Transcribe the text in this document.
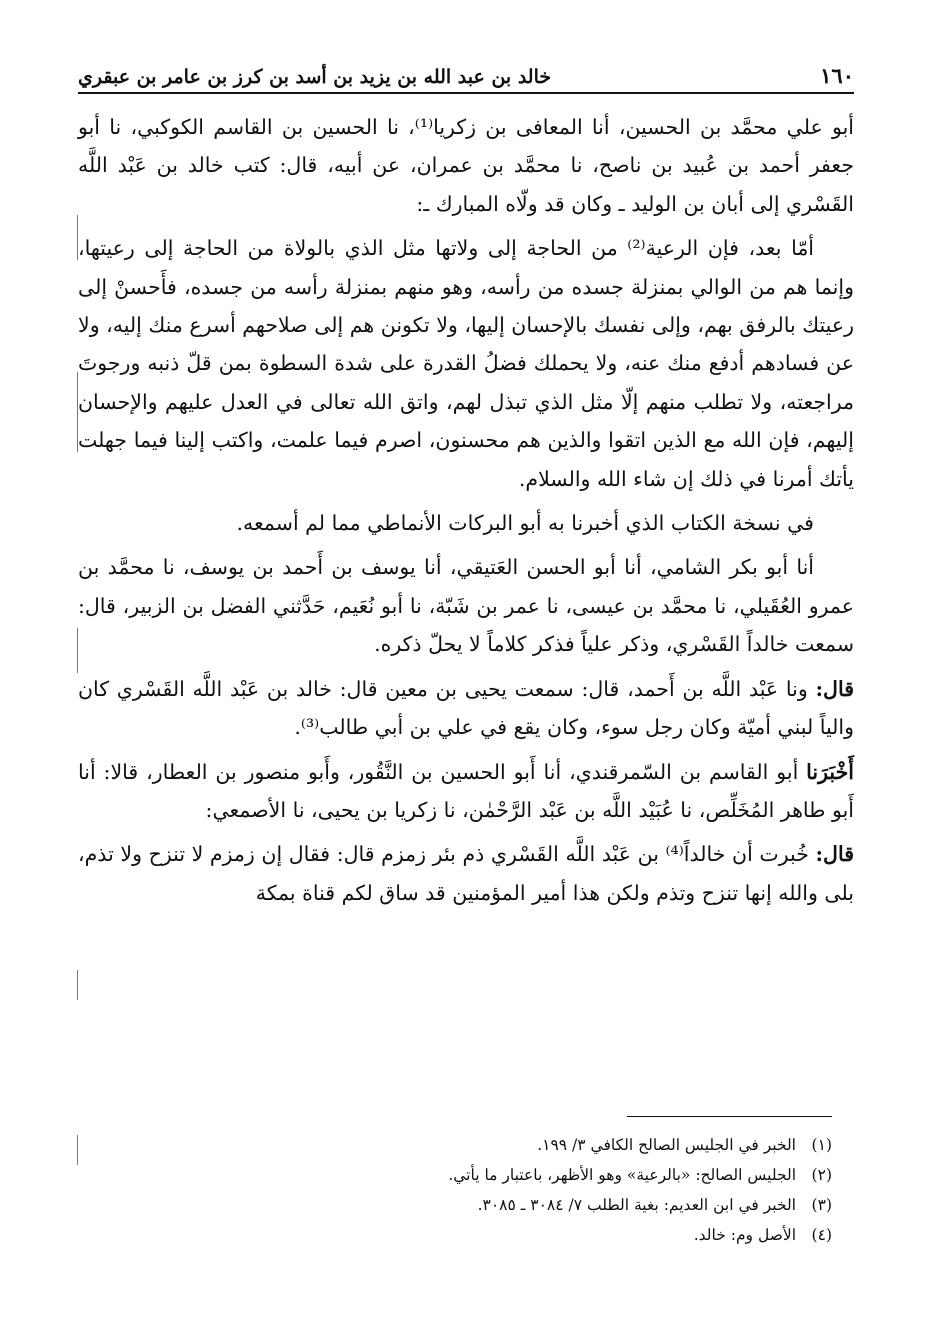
١٦٠
خالد بن عبد الله بن يزيد بن أسد بن كرز بن عامر بن عبقري

أبو علي محمَّد بن الحسين، أنا المعافى بن زكريا⁽¹⁾، نا الحسين بن القاسم الكوكبي، نا أبو جعفر أحمد بن عُبيد بن ناصح، نا محمَّد بن عمران، عن أبيه، قال: كتب خالد بن عَبْد اللَّه القَسْري إلى أبان بن الوليد ـ وكان قد ولّاه المبارك ـ:

أمّا بعد، فإن الرعية⁽²⁾ من الحاجة إلى ولاتها مثل الذي بالولاة من الحاجة إلى رعيتها، وإنما هم من الوالي بمنزلة جسده من رأسه، وهو منهم بمنزلة رأسه من جسده، فأَحسنْ إلى رعيتك بالرفق بهم، وإلى نفسك بالإحسان إليها، ولا تكونن هم إلى صلاحهم أسرع منك إليه، ولا عن فسادهم أدفع منك عنه، ولا يحملك فضلُ القدرة على شدة السطوة بمن قلّ ذنبه ورجوتَ مراجعته، ولا تطلب منهم إلّا مثل الذي تبذل لهم، واتق الله تعالى في العدل عليهم والإحسان إليهم، فإن الله مع الذين اتقوا والذين هم محسنون، اصرم فيما علمت، واكتب إلينا فيما جهلت يأتك أمرنا في ذلك إن شاء الله والسلام.

في نسخة الكتاب الذي أخبرنا به أبو البركات الأنماطي مما لم أسمعه.

أنا أبو بكر الشامي، أنا أبو الحسن العَتيقي، أنا يوسف بن أَحمد بن يوسف، نا محمَّد بن عمرو العُقَيلي، نا محمَّد بن عيسى، نا عمر بن شَبّة، نا أبو نُعَيم، حَدَّثني الفضل بن الزبير، قال: سمعت خالداً القَسْري، وذكر علياً فذكر كلاماً لا يحلّ ذكره.

قال: ونا عَبْد اللَّه بن أَحمد، قال: سمعت يحيى بن معين قال: خالد بن عَبْد اللَّه القَسْري كان والياً لبني أميّة وكان رجل سوء، وكان يقع في علي بن أبي طالب⁽³⁾.

أَخْبَرَنا أبو القاسم بن السّمرقندي، أنا أَبو الحسين بن النَّقُور، وأَبو منصور بن العطار، قالا: أنا أَبو طاهر المُخَلِّص، نا عُبَيْد اللَّه بن عَبْد الرَّحْمٰن، نا زكريا بن يحيى، نا الأصمعي:

قال: خُبرت أن خالداً⁽⁴⁾ بن عَبْد اللَّه القَسْري ذم بئر زمزم قال: فقال إن زمزم لا تنزح ولا تذم، بلى والله إنها تنزح وتذم ولكن هذا أمير المؤمنين قد ساق لكم قناة بمكة

(١)
الخبر في الجليس الصالح الكافي ٣/ ١٩٩.
(٢)
الجليس الصالح: «بالرعية» وهو الأظهر، باعتبار ما يأتي.
(٣)
الخبر في ابن العديم: بغية الطلب ٧/ ٣٠٨٤ ـ ٣٠٨٥.
(٤)
الأصل وم: خالد.
